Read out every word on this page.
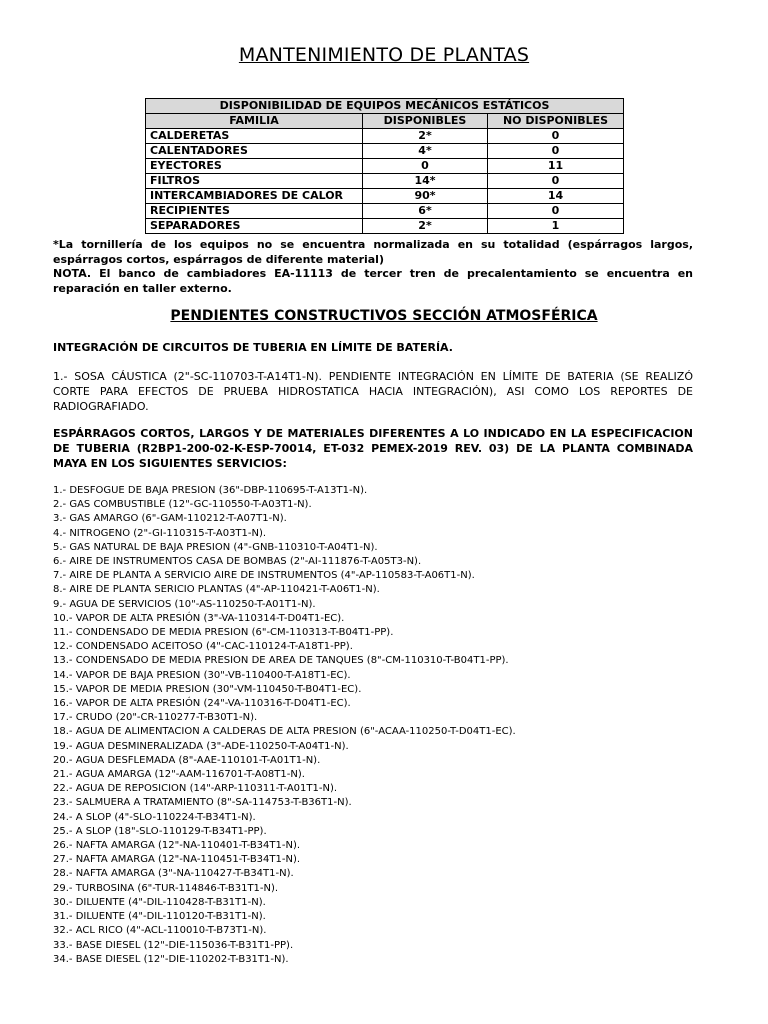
MANTENIMIENTO DE PLANTAS
DISPONIBILIDAD DE EQUIPOS MECÁNICOS ESTÁTICOS		
FAMILIA	DISPONIBLES	NO DISPONIBLES
CALDERETAS	2*	0
CALENTADORES	4*	0
EYECTORES	0	11
FILTROS	14*	0
INTERCAMBIADORES DE CALOR	90*	14
RECIPIENTES	6*	0
SEPARADORES	2*	1

*La tornillería de los equipos no se encuentra normalizada en su totalidad (espárragos largos, espárragos cortos, espárragos de diferente material)

NOTA. El banco de cambiadores EA-11113 de tercer tren de precalentamiento se encuentra en reparación en taller externo.

PENDIENTES CONSTRUCTIVOS SECCIÓN ATMOSFÉRICA
INTEGRACIÓN DE CIRCUITOS DE TUBERIA EN LÍMITE DE BATERÍA.

1.- SOSA CÁUSTICA (2"-SC-110703-T-A14T1-N). PENDIENTE INTEGRACIÓN EN LÍMITE DE BATERIA (SE REALIZÓ CORTE PARA EFECTOS DE PRUEBA HIDROSTATICA HACIA INTEGRACIÓN), ASI COMO LOS REPORTES DE RADIOGRAFIADO.

ESPÁRRAGOS CORTOS, LARGOS Y DE MATERIALES DIFERENTES A LO INDICADO EN LA ESPECIFICACION DE TUBERIA (R2BP1-200-02-K-ESP-70014, ET-032 PEMEX-2019 REV. 03) DE LA PLANTA COMBINADA MAYA EN LOS SIGUIENTES SERVICIOS:

1.- DESFOGUE DE BAJA PRESION (36"-DBP-110695-T-A13T1-N).
2.- GAS COMBUSTIBLE (12"-GC-110550-T-A03T1-N).
3.- GAS AMARGO (6"-GAM-110212-T-A07T1-N).
4.- NITROGENO (2"-GI-110315-T-A03T1-N).
5.- GAS NATURAL DE BAJA PRESION (4"-GNB-110310-T-A04T1-N).
6.- AIRE DE INSTRUMENTOS CASA DE BOMBAS (2"-AI-111876-T-A05T3-N).
7.- AIRE DE PLANTA A SERVICIO AIRE DE INSTRUMENTOS (4"-AP-110583-T-A06T1-N).
8.- AIRE DE PLANTA SERICIO PLANTAS (4"-AP-110421-T-A06T1-N).
9.- AGUA DE SERVICIOS (10"-AS-110250-T-A01T1-N).
10.- VAPOR DE ALTA PRESIÓN (3"-VA-110314-T-D04T1-EC).
11.- CONDENSADO DE MEDIA PRESION (6"-CM-110313-T-B04T1-PP).
12.- CONDENSADO ACEITOSO (4"-CAC-110124-T-A18T1-PP).
13.- CONDENSADO DE MEDIA PRESION DE AREA DE TANQUES (8"-CM-110310-T-B04T1-PP).
14.- VAPOR DE BAJA PRESION (30"-VB-110400-T-A18T1-EC).
15.- VAPOR DE MEDIA PRESION (30"-VM-110450-T-B04T1-EC).
16.- VAPOR DE ALTA PRESIÓN (24"-VA-110316-T-D04T1-EC).
17.- CRUDO (20"-CR-110277-T-B30T1-N).
18.- AGUA DE ALIMENTACION A CALDERAS DE ALTA PRESION (6"-ACAA-110250-T-D04T1-EC).
19.- AGUA DESMINERALIZADA (3"-ADE-110250-T-A04T1-N).
20.- AGUA DESFLEMADA (8"-AAE-110101-T-A01T1-N).
21.- AGUA AMARGA (12"-AAM-116701-T-A08T1-N).
22.- AGUA DE REPOSICION (14"-ARP-110311-T-A01T1-N).
23.- SALMUERA A TRATAMIENTO (8"-SA-114753-T-B36T1-N).
24.- A SLOP (4"-SLO-110224-T-B34T1-N).
25.- A SLOP (18"-SLO-110129-T-B34T1-PP).
26.- NAFTA AMARGA (12"-NA-110401-T-B34T1-N).
27.- NAFTA AMARGA (12"-NA-110451-T-B34T1-N).
28.- NAFTA AMARGA (3"-NA-110427-T-B34T1-N).
29.- TURBOSINA (6"-TUR-114846-T-B31T1-N).
30.- DILUENTE (4"-DIL-110428-T-B31T1-N).
31.- DILUENTE (4"-DIL-110120-T-B31T1-N).
32.- ACL RICO (4"-ACL-110010-T-B73T1-N).
33.- BASE DIESEL (12"-DIE-115036-T-B31T1-PP).
34.- BASE DIESEL (12"-DIE-110202-T-B31T1-N).
